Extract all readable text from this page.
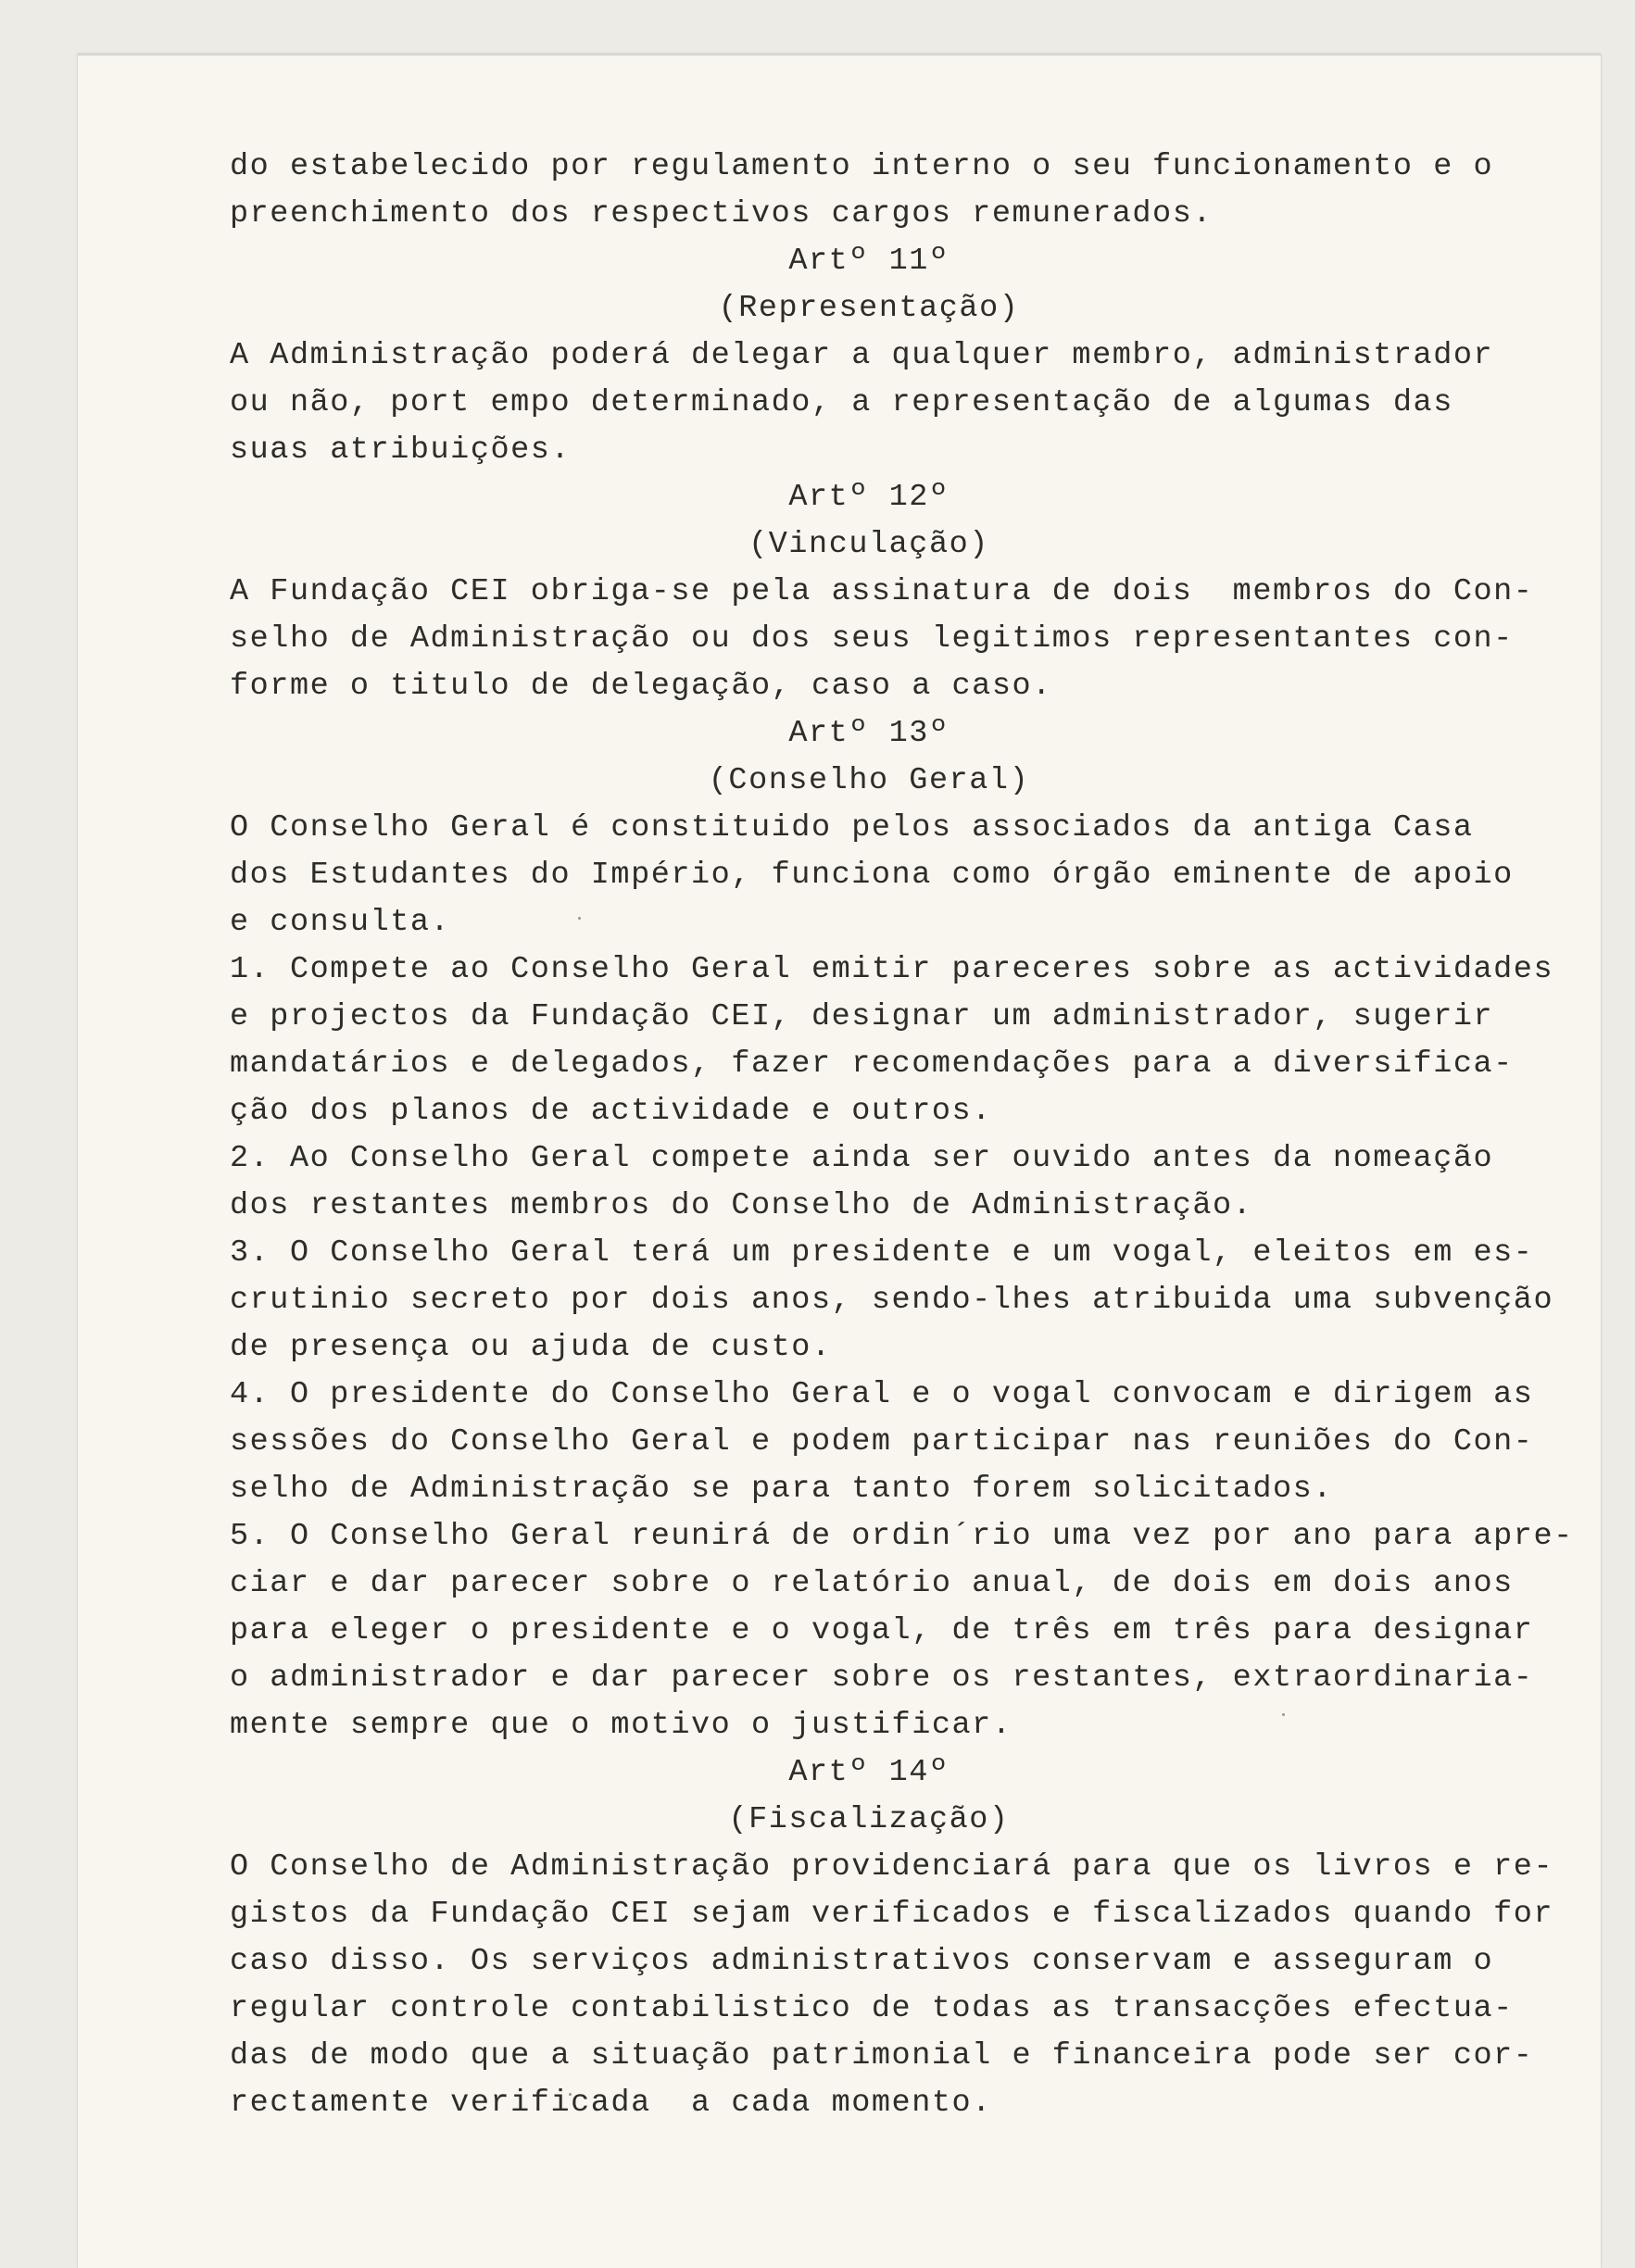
do estabelecido por regulamento interno o seu funcionamento e o
preenchimento dos respectivos cargos remunerados.
Artº 11º
(Representação)
A Administração poderá delegar a qualquer membro, administrador
ou não, port empo determinado, a representação de algumas das
suas atribuições.
Artº 12º
(Vinculação)
A Fundação CEI obriga-se pela assinatura de dois  membros do Con-
selho de Administração ou dos seus legitimos representantes con-
forme o titulo de delegação, caso a caso.
Artº 13º
(Conselho Geral)
O Conselho Geral é constituido pelos associados da antiga Casa
dos Estudantes do Império, funciona como órgão eminente de apoio
e consulta.
1. Compete ao Conselho Geral emitir pareceres sobre as actividades
e projectos da Fundação CEI, designar um administrador, sugerir
mandatários e delegados, fazer recomendações para a diversifica-
ção dos planos de actividade e outros.
2. Ao Conselho Geral compete ainda ser ouvido antes da nomeação
dos restantes membros do Conselho de Administração.
3. O Conselho Geral terá um presidente e um vogal, eleitos em es-
crutinio secreto por dois anos, sendo-lhes atribuida uma subvenção
de presença ou ajuda de custo.
4. O presidente do Conselho Geral e o vogal convocam e dirigem as
sessões do Conselho Geral e podem participar nas reuniões do Con-
selho de Administração se para tanto forem solicitados.
5. O Conselho Geral reunirá de ordin´rio uma vez por ano para apre-
ciar e dar parecer sobre o relatório anual, de dois em dois anos
para eleger o presidente e o vogal, de três em três para designar
o administrador e dar parecer sobre os restantes, extraordinaria-
mente sempre que o motivo o justificar.
Artº 14º
(Fiscalização)
O Conselho de Administração providenciará para que os livros e re-
gistos da Fundação CEI sejam verificados e fiscalizados quando for
caso disso. Os serviços administrativos conservam e asseguram o
regular controle contabilistico de todas as transacções efectua-
das de modo que a situação patrimonial e financeira pode ser cor-
rectamente verificada  a cada momento.
